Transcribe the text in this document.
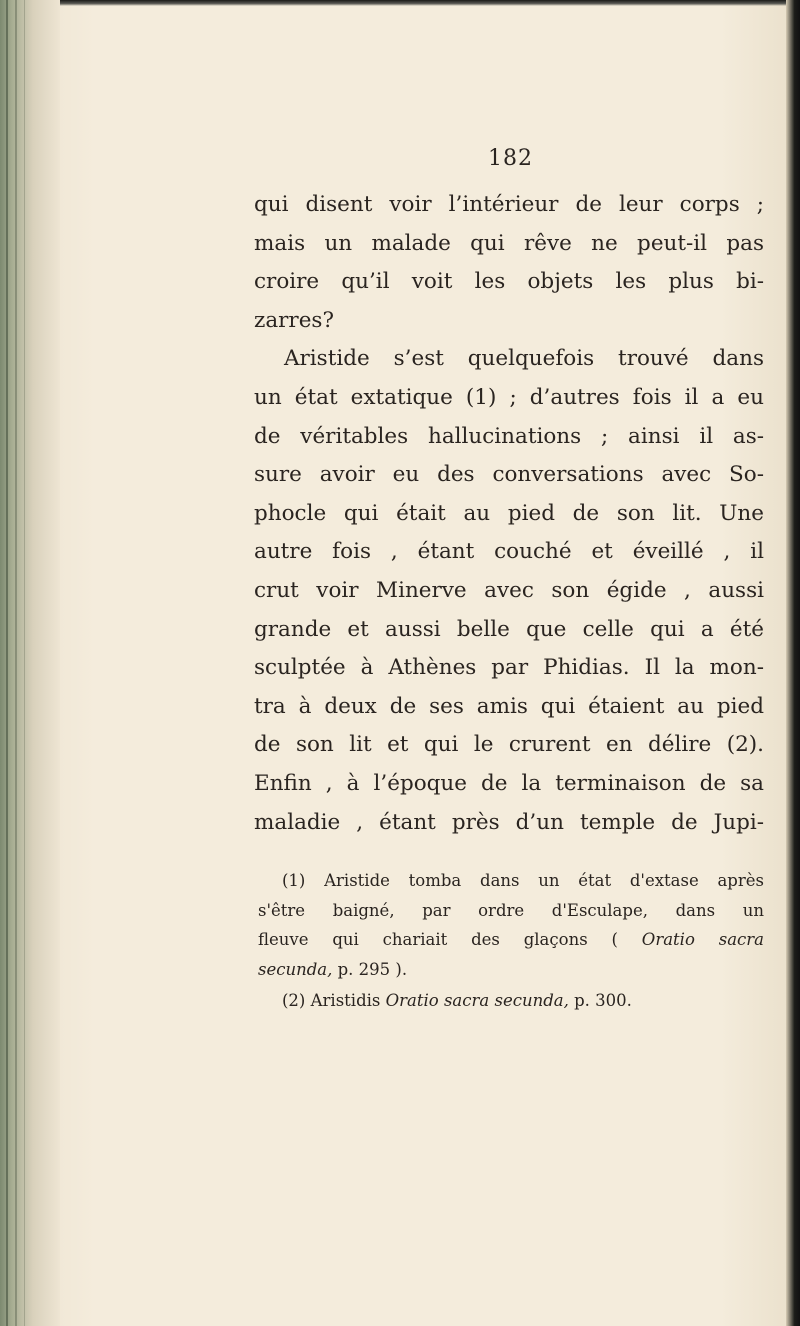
182
qui disent voir l’intérieur de leur corps ;
mais un malade qui rêve ne peut-il pas
croire qu’il voit les objets les plus bi-
zarres?
Aristide s’est quelquefois trouvé dans
un état extatique (1) ; d’autres fois il a eu
de véritables hallucinations ; ainsi il as-
sure avoir eu des conversations avec So-
phocle qui était au pied de son lit. Une
autre fois , étant couché et éveillé , il
crut voir Minerve avec son égide , aussi
grande et aussi belle que celle qui a été
sculptée à Athènes par Phidias. Il la mon-
tra à deux de ses amis qui étaient au pied
de son lit et qui le crurent en délire (2).
Enfin , à l’époque de la terminaison de sa
maladie , étant près d’un temple de Jupi-
(1) Aristide tomba dans un état d'extase après
s'être baigné, par ordre d'Esculape, dans un
fleuve qui chariait des glaçons ( Oratio sacra
secunda, p. 295 ).
(2) Aristidis Oratio sacra secunda, p. 300.
